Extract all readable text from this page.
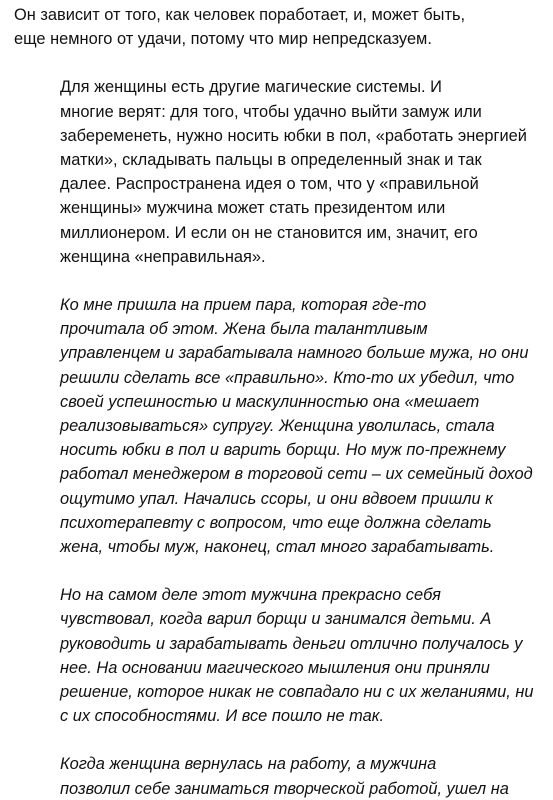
Он зависит от того, как человек поработает, и, может быть,
еще немного от удачи, потому что мир непредсказуем.

Для женщины есть другие магические системы. И
многие верят: для того, чтобы удачно выйти замуж или
забеременеть, нужно носить юбки в пол, «работать энергией
матки», складывать пальцы в определенный знак и так
далее. Распространена идея о том, что у «правильной
женщины» мужчина может стать президентом или
миллионером. И если он не становится им, значит, его
женщина «неправильная».

Ко мне пришла на прием пара, которая где-то
прочитала об этом. Жена была талантливым
управленцем и зарабатывала намного больше мужа, но они
решили сделать все «правильно». Кто-то их убедил, что
своей успешностью и маскулинностью она «мешает
реализовываться» супругу. Женщина уволилась, стала
носить юбки в пол и варить борщи. Но муж по-прежнему
работал менеджером в торговой сети – их семейный доход
ощутимо упал. Начались ссоры, и они вдвоем пришли к
психотерапевту с вопросом, что еще должна сделать
жена, чтобы муж, наконец, стал много зарабатывать.

Но на самом деле этот мужчина прекрасно себя
чувствовал, когда варил борщи и занимался детьми. А
руководить и зарабатывать деньги отлично получалось у
нее. На основании магического мышления они приняли
решение, которое никак не совпадало ни с их желаниями, ни
с их способностями. И все пошло не так.

Когда женщина вернулась на работу, а мужчина
позволил себе заниматься творческой работой, ушел на
